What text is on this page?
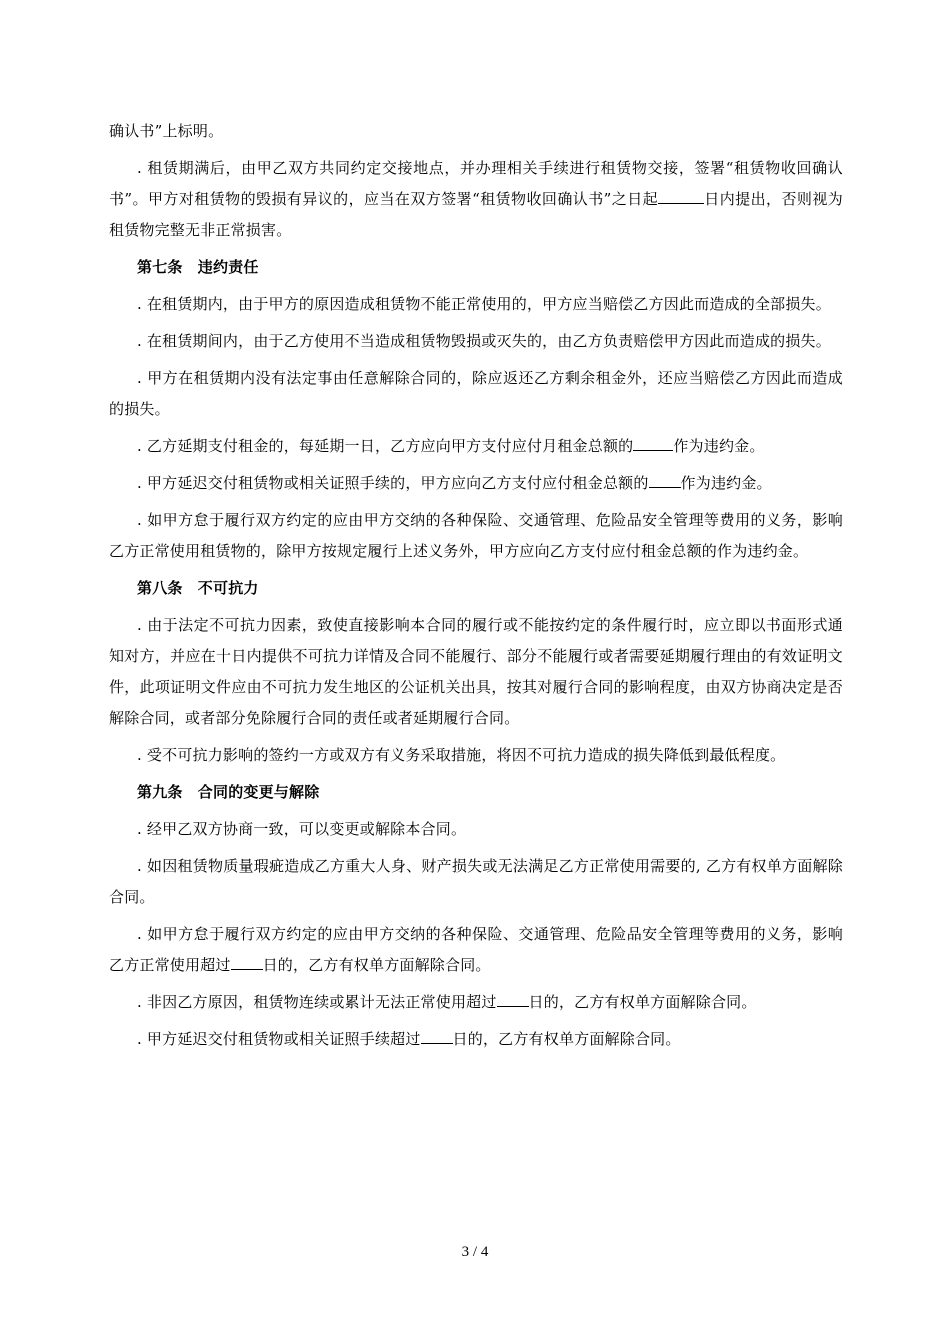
确认书”上标明。
. 租赁期满后，由甲乙双方共同约定交接地点，并办理相关手续进行租赁物交接，签署“租赁物收回确认书”。甲方对租赁物的毁损有异议的，应当在双方签署“租赁物收回确认书”之日起	日内提出，否则视为租赁物完整无非正常损害。
第七条　违约责任
. 在租赁期内，由于甲方的原因造成租赁物不能正常使用的，甲方应当赔偿乙方因此而造成的全部损失。
. 在租赁期间内，由于乙方使用不当造成租赁物毁损或灭失的，由乙方负责赔偿甲方因此而造成的损失。
. 甲方在租赁期内没有法定事由任意解除合同的，除应返还乙方剩余租金外，还应当赔偿乙方因此而造成的损失。
. 乙方延期支付租金的，每延期一日，乙方应向甲方支付应付月租金总额的	作为违约金。
. 甲方延迟交付租赁物或相关证照手续的，甲方应向乙方支付应付租金总额的 作为违约金。
. 如甲方怠于履行双方约定的应由甲方交纳的各种保险、交通管理、危险品安全管理等费用的义务，影响乙方正常使用租赁物的，除甲方按规定履行上述义务外，甲方应向乙方支付应付租金总额的作为违约金。
第八条　不可抗力
. 由于法定不可抗力因素，致使直接影响本合同的履行或不能按约定的条件履行时，应立即以书面形式通知对方，并应在十日内提供不可抗力详情及合同不能履行、部分不能履行或者需要延期履行理由的有效证明文件，此项证明文件应由不可抗力发生地区的公证机关出具，按其对履行合同的影响程度，由双方协商决定是否解除合同，或者部分免除履行合同的责任或者延期履行合同。
. 受不可抗力影响的签约一方或双方有义务采取措施，将因不可抗力造成的损失降低到最低程度。
第九条　合同的变更与解除
. 经甲乙双方协商一致，可以变更或解除本合同。
. 如因租赁物质量瑕疵造成乙方重大人身、财产损失或无法满足乙方正常使用需要的, 乙方有权单方面解除合同。
. 如甲方怠于履行双方约定的应由甲方交纳的各种保险、交通管理、危险品安全管理等费用的义务，影响乙方正常使用超过 日的，乙方有权单方面解除合同。
. 非因乙方原因，租赁物连续或累计无法正常使用超过 日的，乙方有权单方面解除合同。
. 甲方延迟交付租赁物或相关证照手续超过 日的，乙方有权单方面解除合同。
3 / 4
